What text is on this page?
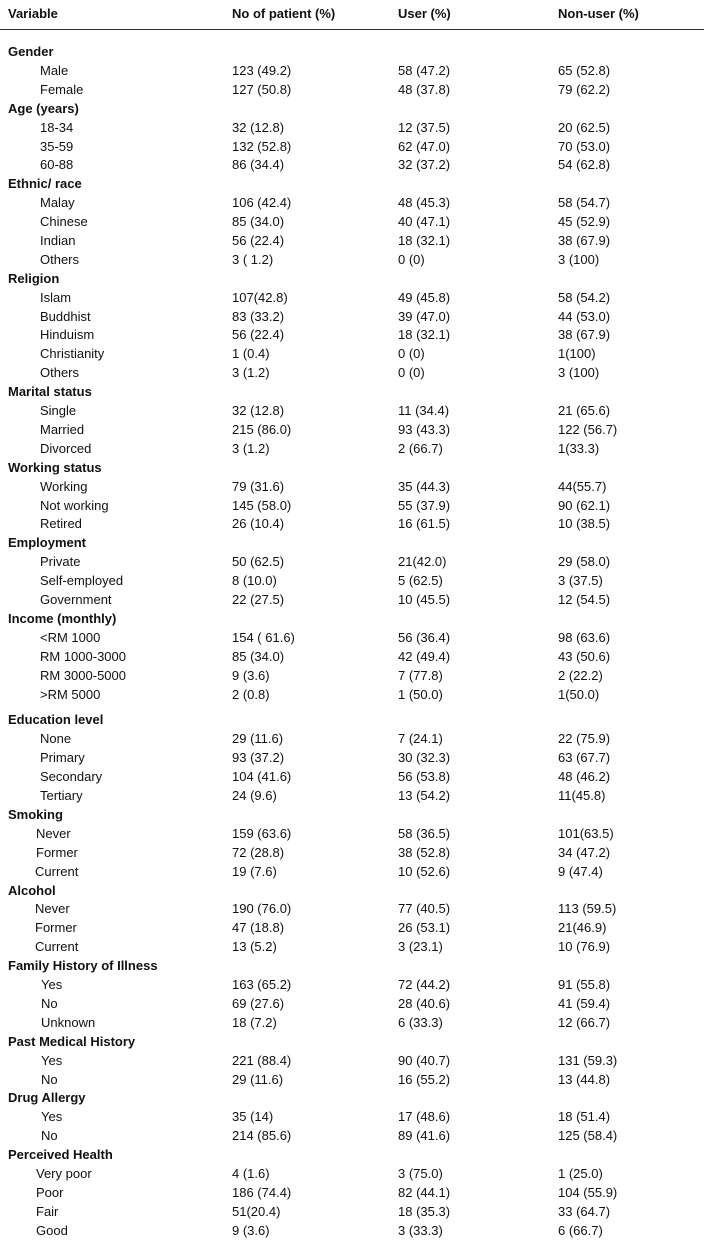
Variable	No of patient (%)	User (%)	Non-user (%)
Gender
Male	123 (49.2)	58 (47.2)	65 (52.8)
Female	127 (50.8)	48 (37.8)	79 (62.2)
Age (years)
18-34	32 (12.8)	12 (37.5)	20 (62.5)
35-59	132 (52.8)	62 (47.0)	70 (53.0)
60-88	86 (34.4)	32 (37.2)	54 (62.8)
Ethnic/ race
Malay	106 (42.4)	48 (45.3)	58 (54.7)
Chinese	85 (34.0)	40 (47.1)	45 (52.9)
Indian	56 (22.4)	18 (32.1)	38 (67.9)
Others	3 ( 1.2)	0 (0)	3 (100)
Religion
Islam	107(42.8)	49 (45.8)	58 (54.2)
Buddhist	83 (33.2)	39 (47.0)	44 (53.0)
Hinduism	56 (22.4)	18 (32.1)	38 (67.9)
Christianity	1 (0.4)	0 (0)	1(100)
Others	3 (1.2)	0 (0)	3 (100)
Marital status
Single	32 (12.8)	11 (34.4)	21 (65.6)
Married	215 (86.0)	93 (43.3)	122 (56.7)
Divorced	3 (1.2)	2 (66.7)	1(33.3)
Working status
Working	79 (31.6)	35 (44.3)	44(55.7)
Not working	145 (58.0)	55 (37.9)	90 (62.1)
Retired	26 (10.4)	16 (61.5)	10 (38.5)
Employment
Private	50 (62.5)	21(42.0)	29 (58.0)
Self-employed	8 (10.0)	5 (62.5)	3 (37.5)
Government	22 (27.5)	10 (45.5)	12 (54.5)
Income (monthly)
<RM 1000	154 ( 61.6)	56 (36.4)	98 (63.6)
RM 1000-3000	85 (34.0)	42 (49.4)	43 (50.6)
RM 3000-5000	9 (3.6)	7 (77.8)	2 (22.2)
>RM 5000	2 (0.8)	1 (50.0)	1(50.0)
Education level
None	29 (11.6)	7 (24.1)	22 (75.9)
Primary	93 (37.2)	30 (32.3)	63 (67.7)
Secondary	104 (41.6)	56 (53.8)	48 (46.2)
Tertiary	24 (9.6)	13 (54.2)	11(45.8)
Smoking
Never	159 (63.6)	58 (36.5)	101(63.5)
Former	72 (28.8)	38 (52.8)	34 (47.2)
Current	19 (7.6)	10 (52.6)	9 (47.4)
Alcohol
Never	190 (76.0)	77 (40.5)	113 (59.5)
Former	47 (18.8)	26 (53.1)	21(46.9)
Current	13 (5.2)	3 (23.1)	10 (76.9)
Family History of Illness
Yes	163 (65.2)	72 (44.2)	91 (55.8)
No	69 (27.6)	28 (40.6)	41 (59.4)
Unknown	18 (7.2)	6 (33.3)	12 (66.7)
Past Medical History
Yes	221 (88.4)	90 (40.7)	131 (59.3)
No	29 (11.6)	16 (55.2)	13 (44.8)
Drug Allergy
Yes	35 (14)	17 (48.6)	18 (51.4)
No	214 (85.6)	89 (41.6)	125 (58.4)
Perceived Health
Very poor	4 (1.6)	3 (75.0)	1 (25.0)
Poor	186 (74.4)	82 (44.1)	104 (55.9)
Fair	51(20.4)	18 (35.3)	33 (64.7)
Good	9 (3.6)	3 (33.3)	6 (66.7)
